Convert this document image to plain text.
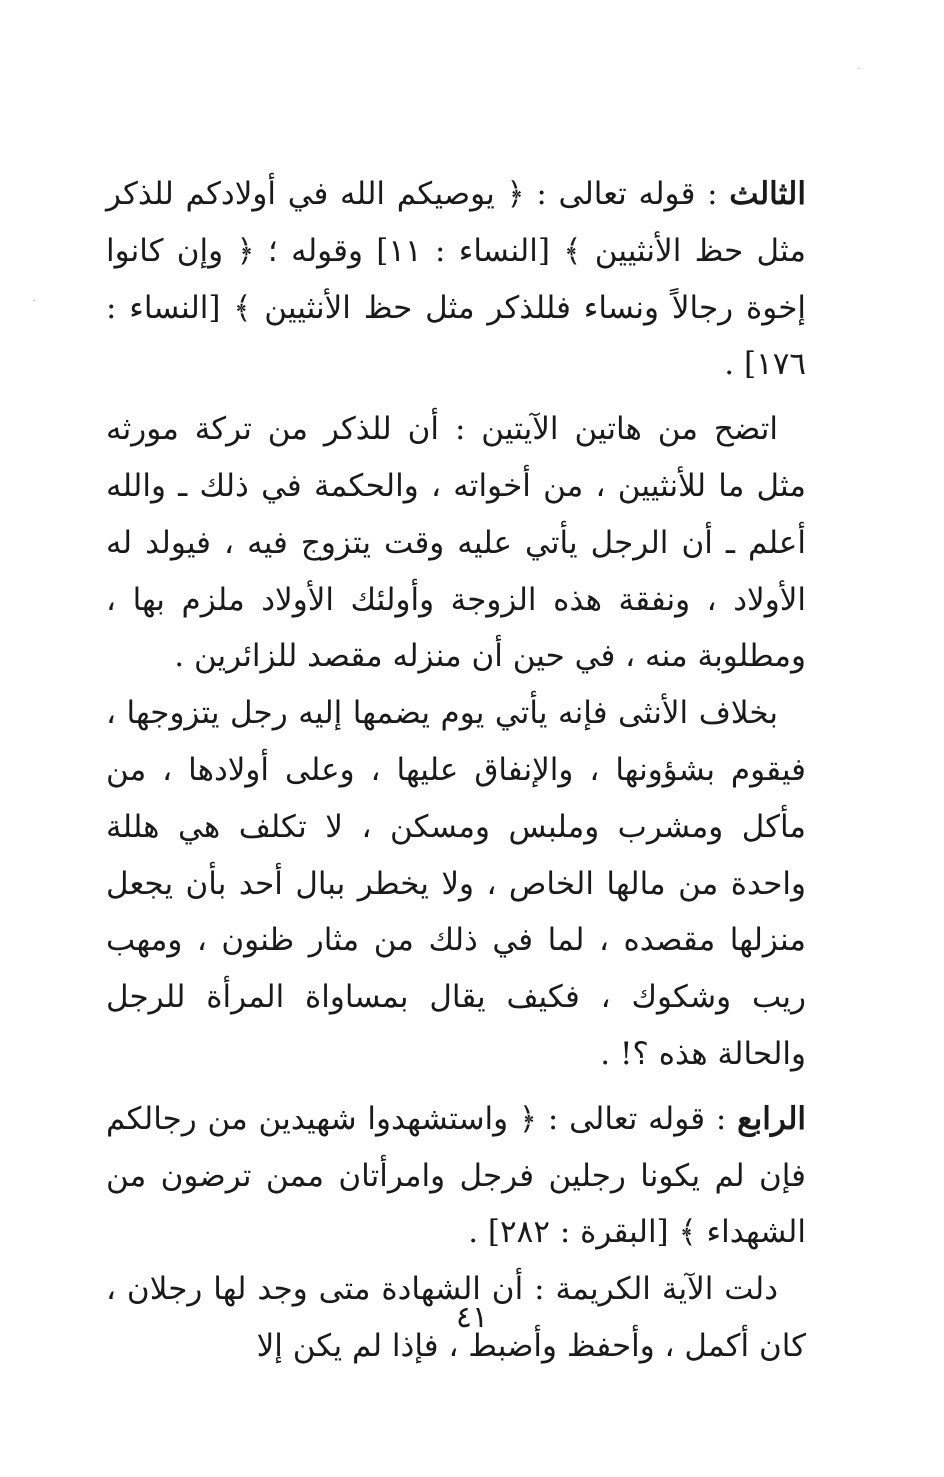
الثالث : قوله تعالى : ﴿ يوصيكم الله في أولادكم للذكر مثل حظ الأنثيين ﴾ [النساء : ١١] وقوله ؛ ﴿ وإن كانوا إخوة رجالاً ونساء فللذكر مثل حظ الأنثيين ﴾ [النساء : ١٧٦] .

اتضح من هاتين الآيتين : أن للذكر من تركة مورثه مثل ما للأنثيين ، من أخواته ، والحكمة في ذلك ـ والله أعلم ـ أن الرجل يأتي عليه وقت يتزوج فيه ، فيولد له الأولاد ، ونفقة هذه الزوجة وأولئك الأولاد ملزم بها ، ومطلوبة منه ، في حين أن منزله مقصد للزائرين .

بخلاف الأنثى فإنه يأتي يوم يضمها إليه رجل يتزوجها ، فيقوم بشؤونها ، والإنفاق عليها ، وعلى أولادها ، من مأكل ومشرب وملبس ومسكن ، لا تكلف هي هللة واحدة من مالها الخاص ، ولا يخطر ببال أحد بأن يجعل منزلها مقصده ، لما في ذلك من مثار ظنون ، ومهب ريب وشكوك ، فكيف يقال بمساواة المرأة للرجل والحالة هذه ؟! .

الرابع : قوله تعالى : ﴿ واستشهدوا شهيدين من رجالكم فإن لم يكونا رجلين فرجل وامرأتان ممن ترضون من الشهداء ﴾ [البقرة : ٢٨٢] .

دلت الآية الكريمة : أن الشهادة متى وجد لها رجلان ، كان أكمل ، وأحفظ وأضبط ، فإذا لم يكن إلا

٤١
